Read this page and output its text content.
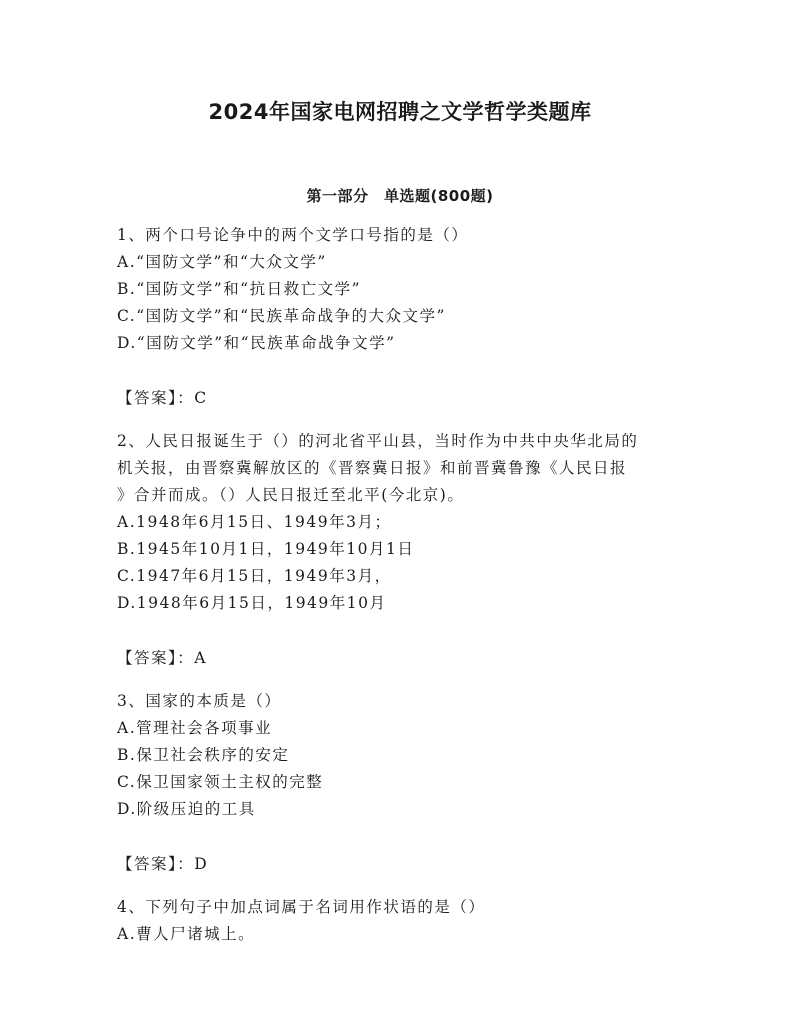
2024年国家电网招聘之文学哲学类题库
第一部分　单选题(800题)
1、两个口号论争中的两个文学口号指的是（）
A.“国防文学”和“大众文学”
B.“国防文学”和“抗日救亡文学”
C.“国防文学”和“民族革命战争的大众文学”
D.“国防文学”和“民族革命战争文学”
【答案】：C
2、人民日报诞生于（）的河北省平山县，当时作为中共中央华北局的
机关报，由晋察冀解放区的《晋察冀日报》和前晋冀鲁豫《人民日报
》合并而成。（）人民日报迁至北平(今北京)。
A.1948年6月15日、1949年3月；
B.1945年10月1日，1949年10月1日
C.1947年6月15日，1949年3月，
D.1948年6月15日，1949年10月
【答案】：A
3、国家的本质是（）
A.管理社会各项事业
B.保卫社会秩序的安定
C.保卫国家领土主权的完整
D.阶级压迫的工具
【答案】：D
4、下列句子中加点词属于名词用作状语的是（）
A.曹人尸诸城上。
